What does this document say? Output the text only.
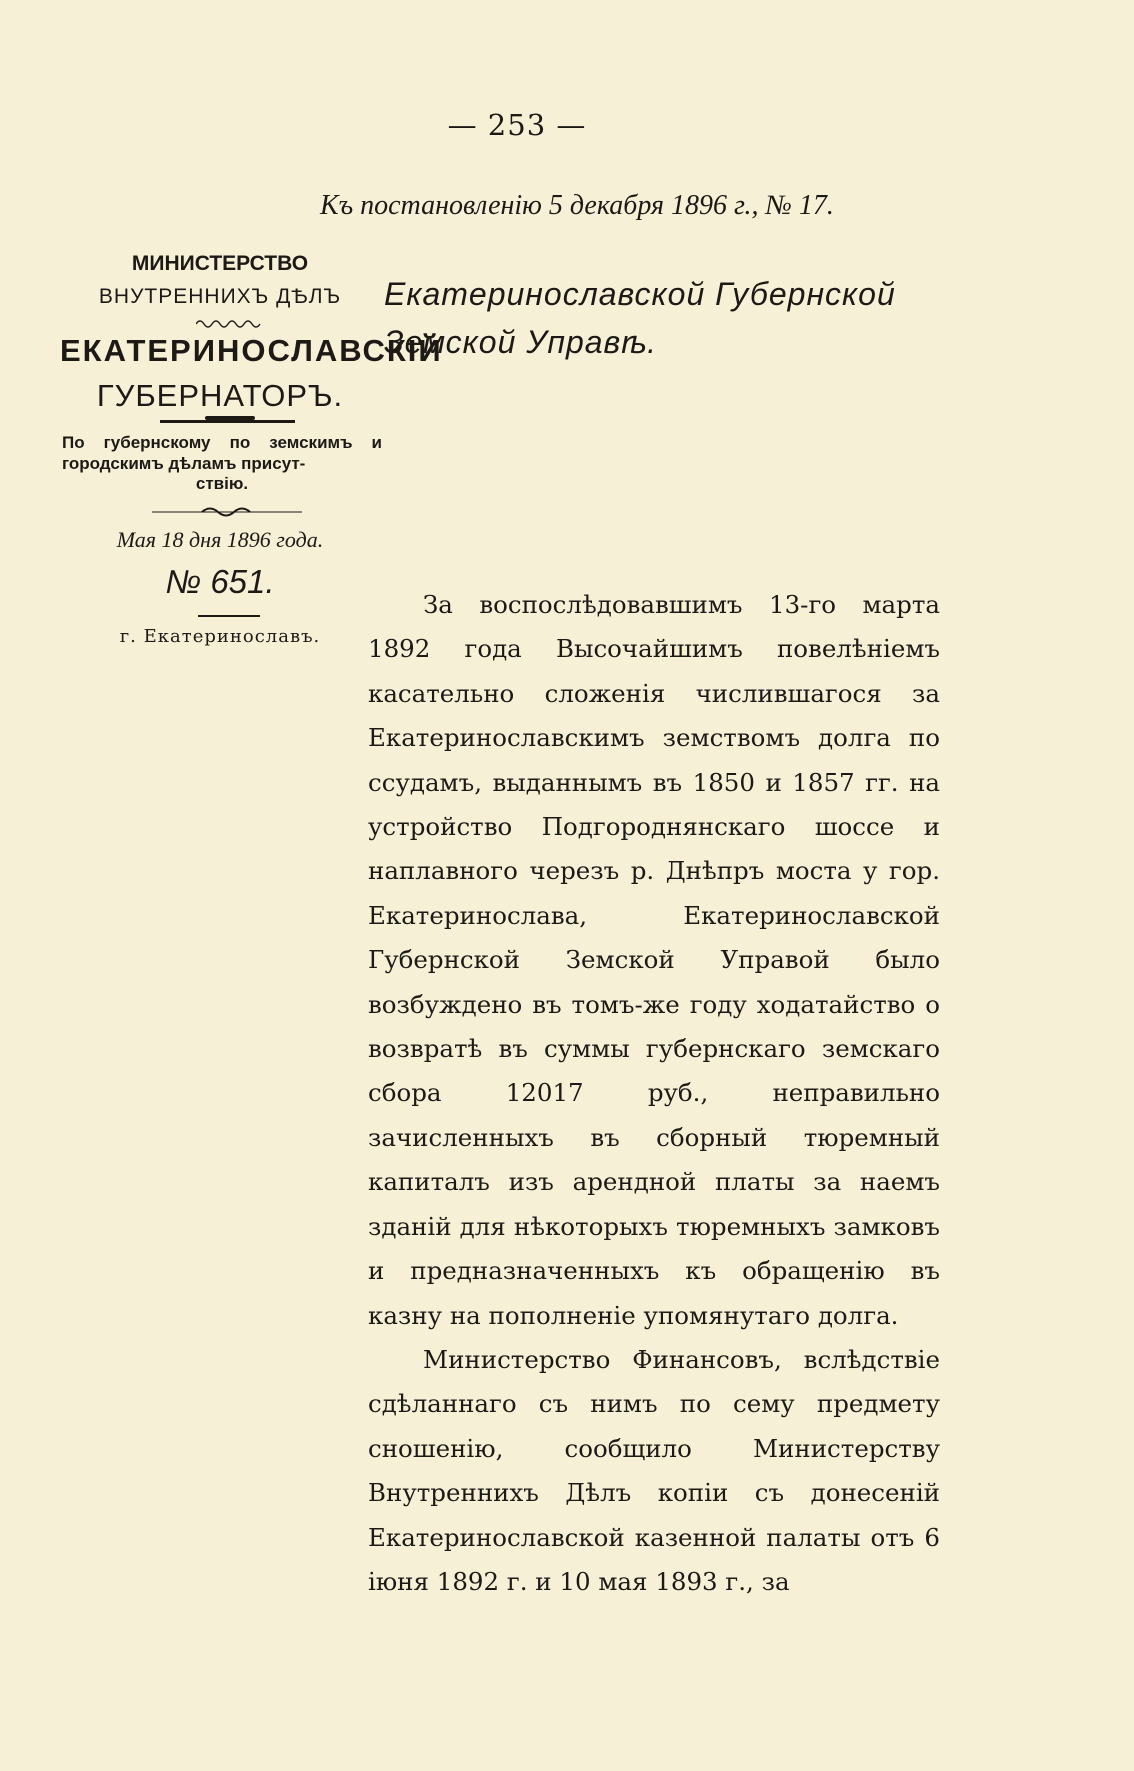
— 253 —
Къ постановленію 5 декабря 1896 г., № 17.
МИНИСТЕРСТВО
ВНУТРЕННИХЪ ДѢЛЪ
ЕКАТЕРИНОСЛАВСКІЙ
ГУБЕРНАТОРЪ.
По губернскому по земскимъ и городскимъ дѣламъ присут-
ствію.
Мая 18 дня 1896 года.
№ 651.
г. Екатеринославъ.
Екатеринославской Губернской Земской Управѣ.

За воспослѣдовавшимъ 13-го марта 1892 года Высочайшимъ повелѣніемъ касательно сложенія числившагося за Екатеринославскимъ земствомъ долга по ссудамъ, выданнымъ въ 1850 и 1857 гг. на устройство Подгороднянскаго шоссе и наплавного черезъ р. Днѣпръ моста у гор. Екатеринослава, Екатеринославской Губернской Земской Управой было возбуждено въ томъ-же году ходатайство о возвратѣ въ суммы губернскаго земскаго сбора 12017 руб., неправильно зачисленныхъ въ сборный тюремный капиталъ изъ арендной платы за наемъ зданій для нѣкоторыхъ тюремныхъ замковъ и предназначенныхъ къ обращенію въ казну на пополненіе упомянутаго долга.

Министерство Финансовъ, вслѣдствіе сдѣланнаго съ нимъ по сему предмету сношенію, сообщило Министерству Внутреннихъ Дѣлъ копіи съ донесеній Екатеринославской казенной палаты отъ 6 іюня 1892 г. и 10 мая 1893 г., за
